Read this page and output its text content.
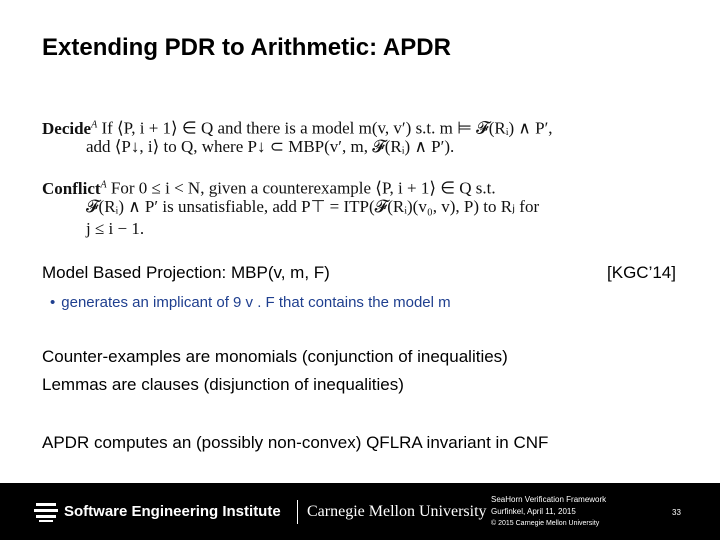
Extending PDR to Arithmetic: APDR
Decide$^A$ If ⟨P, i + 1⟩ ∈ Q and there is a model m(v, v′) s.t. m ⊨ 𝓕(Rᵢ) ∧ P′,
add ⟨P↓, i⟩ to Q, where P↓ ⊂ MBP(v′, m, 𝓕(Rᵢ) ∧ P′).
Conflict$^A$ For 0 ≤ i < N, given a counterexample ⟨P, i + 1⟩ ∈ Q s.t.
𝓕(Rᵢ) ∧ P′ is unsatisfiable, add P⊤ = ITP(𝓕(Rᵢ)(v₀, v), P) to Rⱼ for
j ≤ i − 1.
Model Based Projection: MBP(v, m, F)	[KGC’14]
• generates an implicant of 9 v . F that contains the model m
Counter-examples are monomials (conjunction of inequalities)
Lemmas are clauses (disjunction of inequalities)
APDR computes an (possibly non-convex) QFLRA invariant in CNF
Software Engineering Institute Carnegie Mellon University
SeaHorn Verification Framework
Gurfinkel, April 11, 2015
© 2015 Carnegie Mellon University
33
